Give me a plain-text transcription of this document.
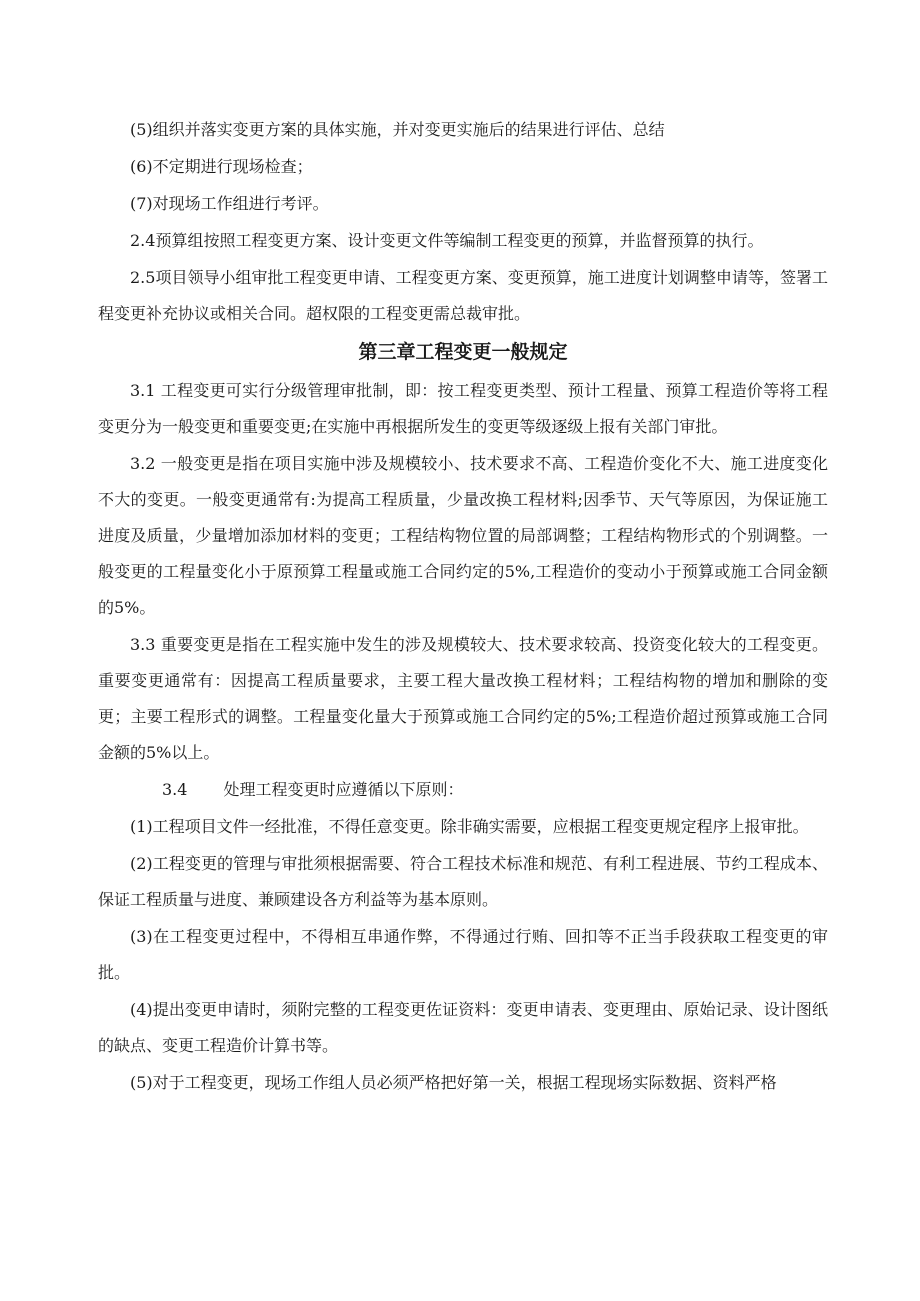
(5)组织并落实变更方案的具体实施，并对变更实施后的结果进行评估、总结

(6)不定期进行现场检查；

(7)对现场工作组进行考评。

2.4预算组按照工程变更方案、设计变更文件等编制工程变更的预算，并监督预算的执行。

2.5项目领导小组审批工程变更申请、工程变更方案、变更预算，施工进度计划调整申请等，签署工程变更补充协议或相关合同。超权限的工程变更需总裁审批。

第三章工程变更一般规定

3.1 工程变更可实行分级管理审批制，即：按工程变更类型、预计工程量、预算工程造价等将工程变更分为一般变更和重要变更;在实施中再根据所发生的变更等级逐级上报有关部门审批。

3.2 一般变更是指在项目实施中涉及规模较小、技术要求不高、工程造价变化不大、施工进度变化不大的变更。一般变更通常有:为提高工程质量，少量改换工程材料;因季节、天气等原因，为保证施工进度及质量，少量增加添加材料的变更；工程结构物位置的局部调整；工程结构物形式的个别调整。一般变更的工程量变化小于原预算工程量或施工合同约定的5%,工程造价的变动小于预算或施工合同金额的5%。

3.3 重要变更是指在工程实施中发生的涉及规模较大、技术要求较高、投资变化较大的工程变更。重要变更通常有：因提高工程质量要求，主要工程大量改换工程材料；工程结构物的增加和删除的变更；主要工程形式的调整。工程量变化量大于预算或施工合同约定的5%;工程造价超过预算或施工合同金额的5%以上。

3.4 处理工程变更时应遵循以下原则：

(1)工程项目文件一经批准，不得任意变更。除非确实需要，应根据工程变更规定程序上报审批。

(2)工程变更的管理与审批须根据需要、符合工程技术标准和规范、有利工程进展、节约工程成本、保证工程质量与进度、兼顾建设各方利益等为基本原则。

(3)在工程变更过程中，不得相互串通作弊，不得通过行贿、回扣等不正当手段获取工程变更的审批。

(4)提出变更申请时，须附完整的工程变更佐证资料：变更申请表、变更理由、原始记录、设计图纸的缺点、变更工程造价计算书等。

(5)对于工程变更，现场工作组人员必须严格把好第一关，根据工程现场实际数据、资料严格
